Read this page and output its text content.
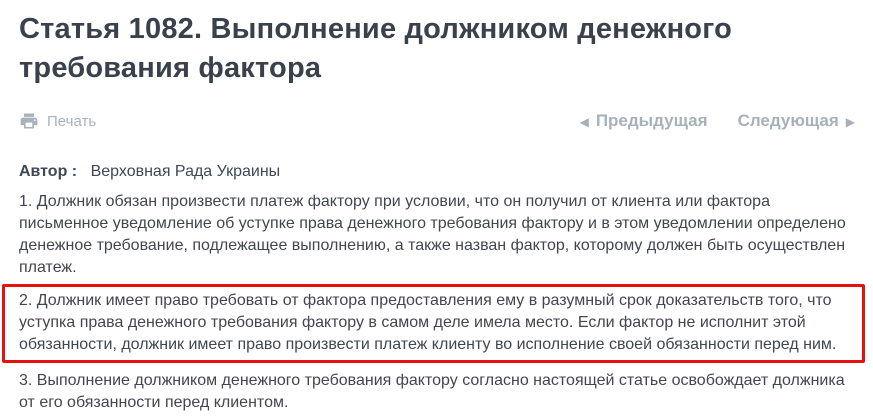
Статья 1082. Выполнение должником денежного требования фактора
Печать	◀ Предыдущая Следующая ▶
Автор : Верховная Рада Украины

1. Должник обязан произвести платеж фактору при условии, что он получил от клиента или фактора письменное уведомление об уступке права денежного требования фактору и в этом уведомлении определено денежное требование, подлежащее выполнению, а также назван фактор, которому должен быть осуществлен платеж.

2. Должник имеет право требовать от фактора предоставления ему в разумный срок доказательств того, что уступка права денежного требования фактору в самом деле имела место. Если фактор не исполнит этой обязанности, должник имеет право произвести платеж клиенту во исполнение своей обязанности перед ним.

3. Выполнение должником денежного требования фактору согласно настоящей статье освобождает должника от его обязанности перед клиентом.
